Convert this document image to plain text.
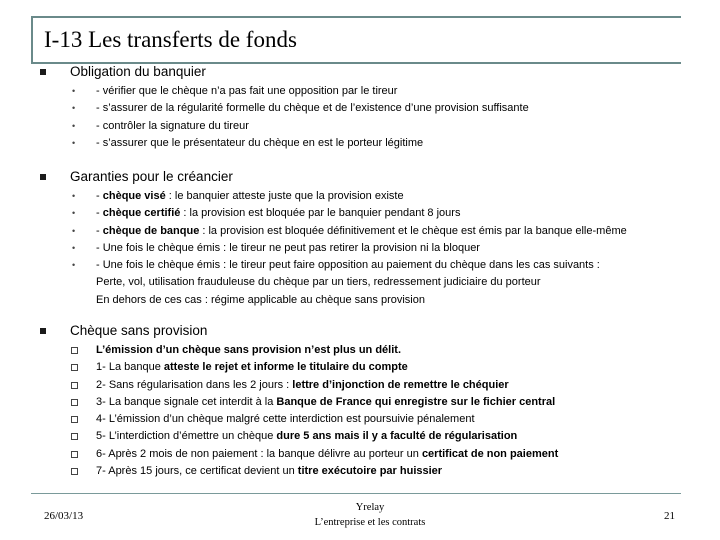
I-13 Les transferts de fonds
Obligation du banquier
• - vérifier que le chèque n’a pas fait une opposition par le tireur
• - s’assurer de la régularité formelle du chèque et de l’existence d’une provision suffisante
• - contrôler la signature du tireur
• - s’assurer que le présentateur du chèque en est le porteur légitime
Garanties pour le créancier
• - chèque visé : le banquier atteste juste que la provision existe
• - chèque certifié : la provision est bloquée par le banquier pendant 8 jours
• - chèque de banque : la provision est bloquée définitivement et le chèque est émis par la banque elle-même
• - Une fois le chèque émis : le tireur ne peut pas retirer la provision ni la bloquer
• - Une fois le chèque émis : le tireur peut faire opposition au paiement du chèque dans les cas suivants :
Perte, vol, utilisation frauduleuse du chèque par un tiers, redressement judiciaire du porteur
En dehors de ces cas : régime applicable au chèque sans provision
Chèque sans provision
L’émission d’un chèque sans provision n’est plus un délit.
1- La banque atteste le rejet et informe le titulaire du compte
2- Sans régularisation dans les 2 jours : lettre d’injonction de remettre le chéquier
3- La banque signale cet interdit à la Banque de France qui enregistre sur le fichier central
4- L’émission d’un chèque malgré cette interdiction est poursuivie pénalement
5- L’interdiction d’émettre un chèque dure 5 ans mais il y a faculté de régularisation
6- Après 2 mois de non paiement : la banque délivre au porteur un certificat de non paiement
7- Après 15 jours, ce certificat devient un titre exécutoire par huissier
26/03/13
Yrelay
L’entreprise et les contrats
21
